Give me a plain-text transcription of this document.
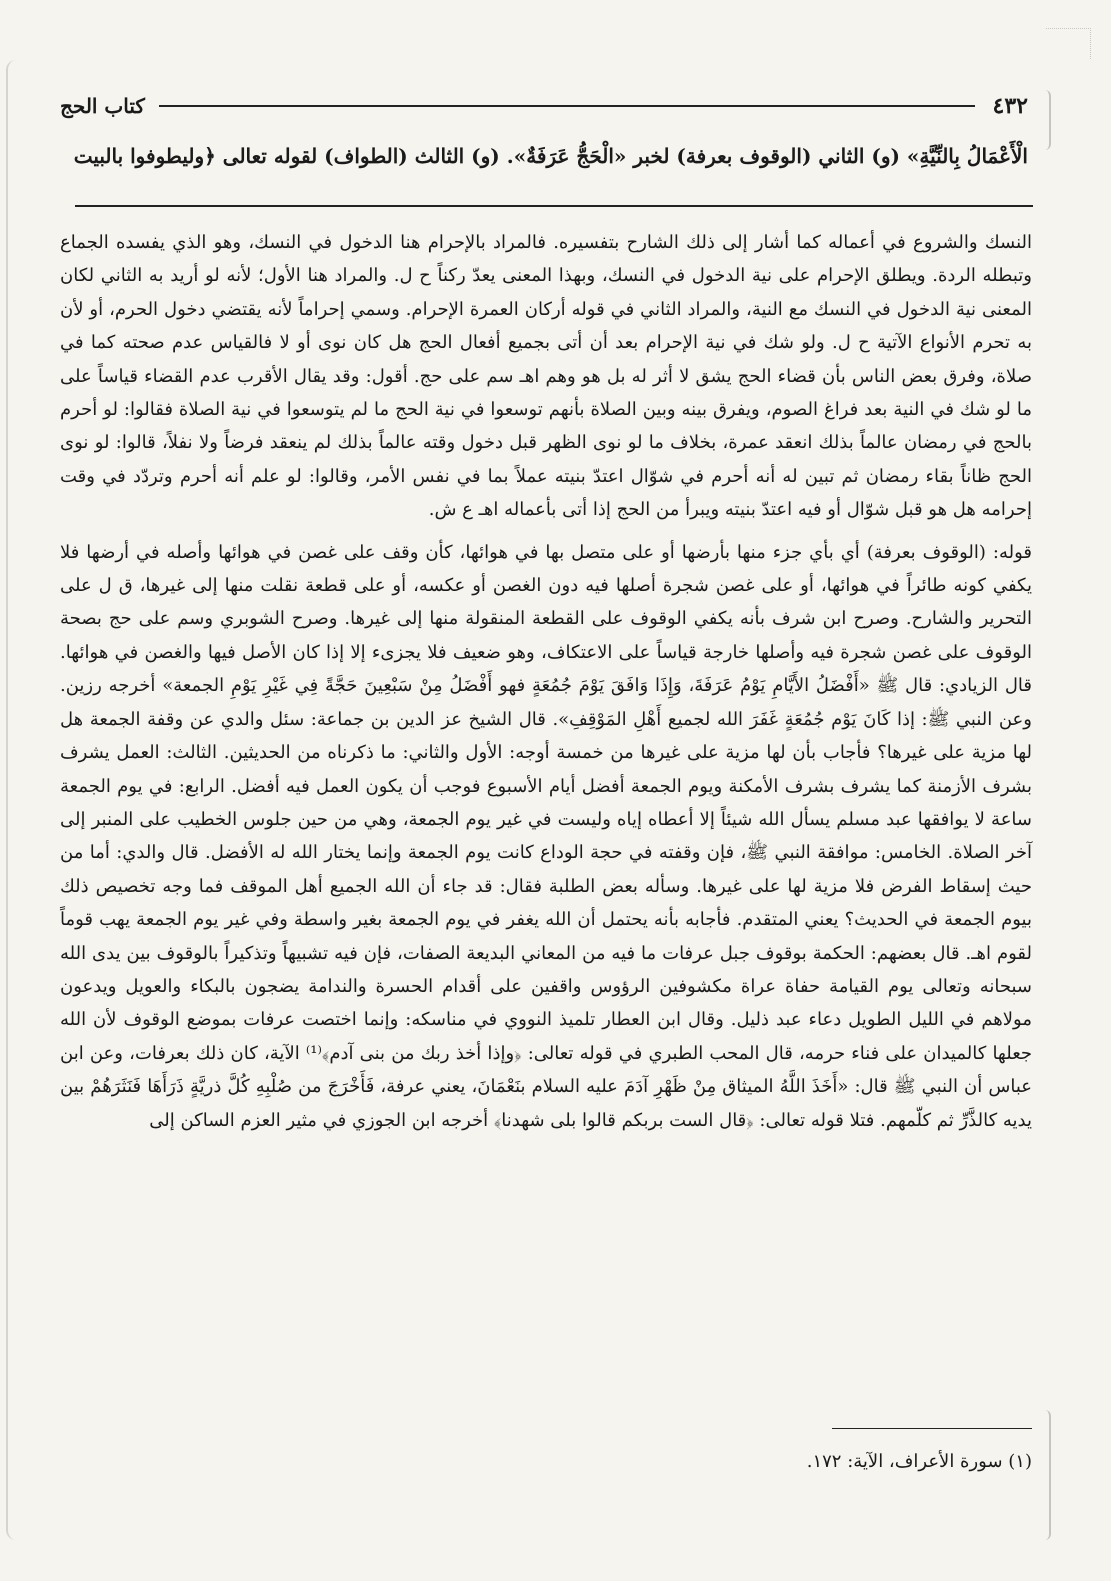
٤٣٢
كتاب الحج
الْأَعْمَالُ بِالنِّيَّةِ» (و) الثاني (الوقوف بعرفة) لخبر «الْحَجُّ عَرَفَةٌ». (و) الثالث (الطواف) لقوله تعالى ﴿وليطوفوا بالبيت

النسك والشروع في أعماله كما أشار إلى ذلك الشارح بتفسيره. فالمراد بالإحرام هنا الدخول في النسك، وهو الذي يفسده الجماع وتبطله الردة. ويطلق الإحرام على نية الدخول في النسك، وبهذا المعنى يعدّ ركناً ح ل. والمراد هنا الأول؛ لأنه لو أريد به الثاني لكان المعنى نية الدخول في النسك مع النية، والمراد الثاني في قوله أركان العمرة الإحرام. وسمي إحراماً لأنه يقتضي دخول الحرم، أو لأن به تحرم الأنواع الآتية ح ل. ولو شك في نية الإحرام بعد أن أتى بجميع أفعال الحج هل كان نوى أو لا فالقياس عدم صحته كما في صلاة، وفرق بعض الناس بأن قضاء الحج يشق لا أثر له بل هو وهم اهـ سم على حج. أقول: وقد يقال الأقرب عدم القضاء قياساً على ما لو شك في النية بعد فراغ الصوم، ويفرق بينه وبين الصلاة بأنهم توسعوا في نية الحج ما لم يتوسعوا في نية الصلاة فقالوا: لو أحرم بالحج في رمضان عالماً بذلك انعقد عمرة، بخلاف ما لو نوى الظهر قبل دخول وقته عالماً بذلك لم ينعقد فرضاً ولا نفلاً، قالوا: لو نوى الحج ظاناً بقاء رمضان ثم تبين له أنه أحرم في شوّال اعتدّ بنيته عملاً بما في نفس الأمر، وقالوا: لو علم أنه أحرم وتردّد في وقت إحرامه هل هو قبل شوّال أو فيه اعتدّ بنيته ويبرأ من الحج إذا أتى بأعماله اهـ ع ش.

قوله: (الوقوف بعرفة) أي بأي جزء منها بأرضها أو على متصل بها في هوائها، كأن وقف على غصن في هوائها وأصله في أرضها فلا يكفي كونه طائراً في هوائها، أو على غصن شجرة أصلها فيه دون الغصن أو عكسه، أو على قطعة نقلت منها إلى غيرها، ق ل على التحرير والشارح. وصرح ابن شرف بأنه يكفي الوقوف على القطعة المنقولة منها إلى غيرها. وصرح الشوبري وسم على حج بصحة الوقوف على غصن شجرة فيه وأصلها خارجة قياساً على الاعتكاف، وهو ضعيف فلا يجزىء إلا إذا كان الأصل فيها والغصن في هوائها. قال الزيادي: قال ﷺ «أَفْضَلُ الأَيَّامِ يَوْمُ عَرَفَةَ، وَإِذَا وَافَقَ يَوْمَ جُمُعَةٍ فهو أَفْضَلُ مِنْ سَبْعِينَ حَجَّةً فِي غَيْرِ يَوْمِ الجمعة» أخرجه رزين. وعن النبي ﷺ: إذا كَانَ يَوْم جُمُعَةٍ غَفَرَ الله لجميع أَهْلِ المَوْقِفِ». قال الشيخ عز الدين بن جماعة: سئل والدي عن وقفة الجمعة هل لها مزية على غيرها؟ فأجاب بأن لها مزية على غيرها من خمسة أوجه: الأول والثاني: ما ذكرناه من الحديثين. الثالث: العمل يشرف بشرف الأزمنة كما يشرف بشرف الأمكنة ويوم الجمعة أفضل أيام الأسبوع فوجب أن يكون العمل فيه أفضل. الرابع: في يوم الجمعة ساعة لا يوافقها عبد مسلم يسأل الله شيئاً إلا أعطاه إياه وليست في غير يوم الجمعة، وهي من حين جلوس الخطيب على المنبر إلى آخر الصلاة. الخامس: موافقة النبي ﷺ، فإن وقفته في حجة الوداع كانت يوم الجمعة وإنما يختار الله له الأفضل. قال والدي: أما من حيث إسقاط الفرض فلا مزية لها على غيرها. وسأله بعض الطلبة فقال: قد جاء أن الله الجميع أهل الموقف فما وجه تخصيص ذلك بيوم الجمعة في الحديث؟ يعني المتقدم. فأجابه بأنه يحتمل أن الله يغفر في يوم الجمعة بغير واسطة وفي غير يوم الجمعة يهب قوماً لقوم اهـ. قال بعضهم: الحكمة بوقوف جبل عرفات ما فيه من المعاني البديعة الصفات، فإن فيه تشبيهاً وتذكيراً بالوقوف بين يدى الله سبحانه وتعالى يوم القيامة حفاة عراة مكشوفين الرؤوس واقفين على أقدام الحسرة والندامة يضجون بالبكاء والعويل ويدعون مولاهم في الليل الطويل دعاء عبد ذليل. وقال ابن العطار تلميذ النووي في مناسكه: وإنما اختصت عرفات بموضع الوقوف لأن الله جعلها كالميدان على فناء حرمه، قال المحب الطبري في قوله تعالى: ﴿وإذا أخذ ربك من بنى آدم﴾⁽¹⁾ الآية، كان ذلك بعرفات، وعن ابن عباس أن النبي ﷺ قال: «أَخَذَ اللَّهُ الميثاق مِنْ ظَهْرِ آدَمَ عليه السلام بنَعْمَانَ، يعني عرفة، فَأَخْرَجَ من صُلْبِهِ كُلَّ ذريَّةٍ ذَرَأَهَا فَنَثَرَهُمْ بين يديه كالذَّرِّ ثم كلّمهم. فتلا قوله تعالى: ﴿قال الست بربكم قالوا بلى شهدنا﴾ أخرجه ابن الجوزي في مثير العزم الساكن إلى

(١) سورة الأعراف، الآية: ١٧٢.
